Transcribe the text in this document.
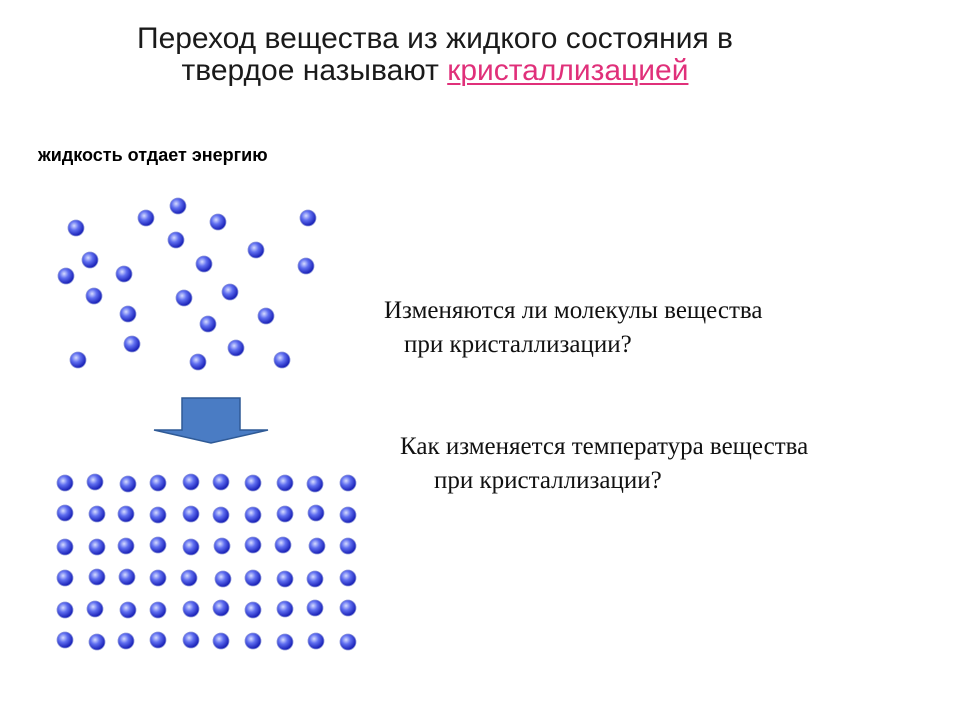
Переход вещества из жидкого состояния в
твердое называют кристаллизацией
жидкость отдает энергию
Изменяются ли молекулы вещества
при кристаллизации?
Как изменяется температура вещества
при кристаллизации?
